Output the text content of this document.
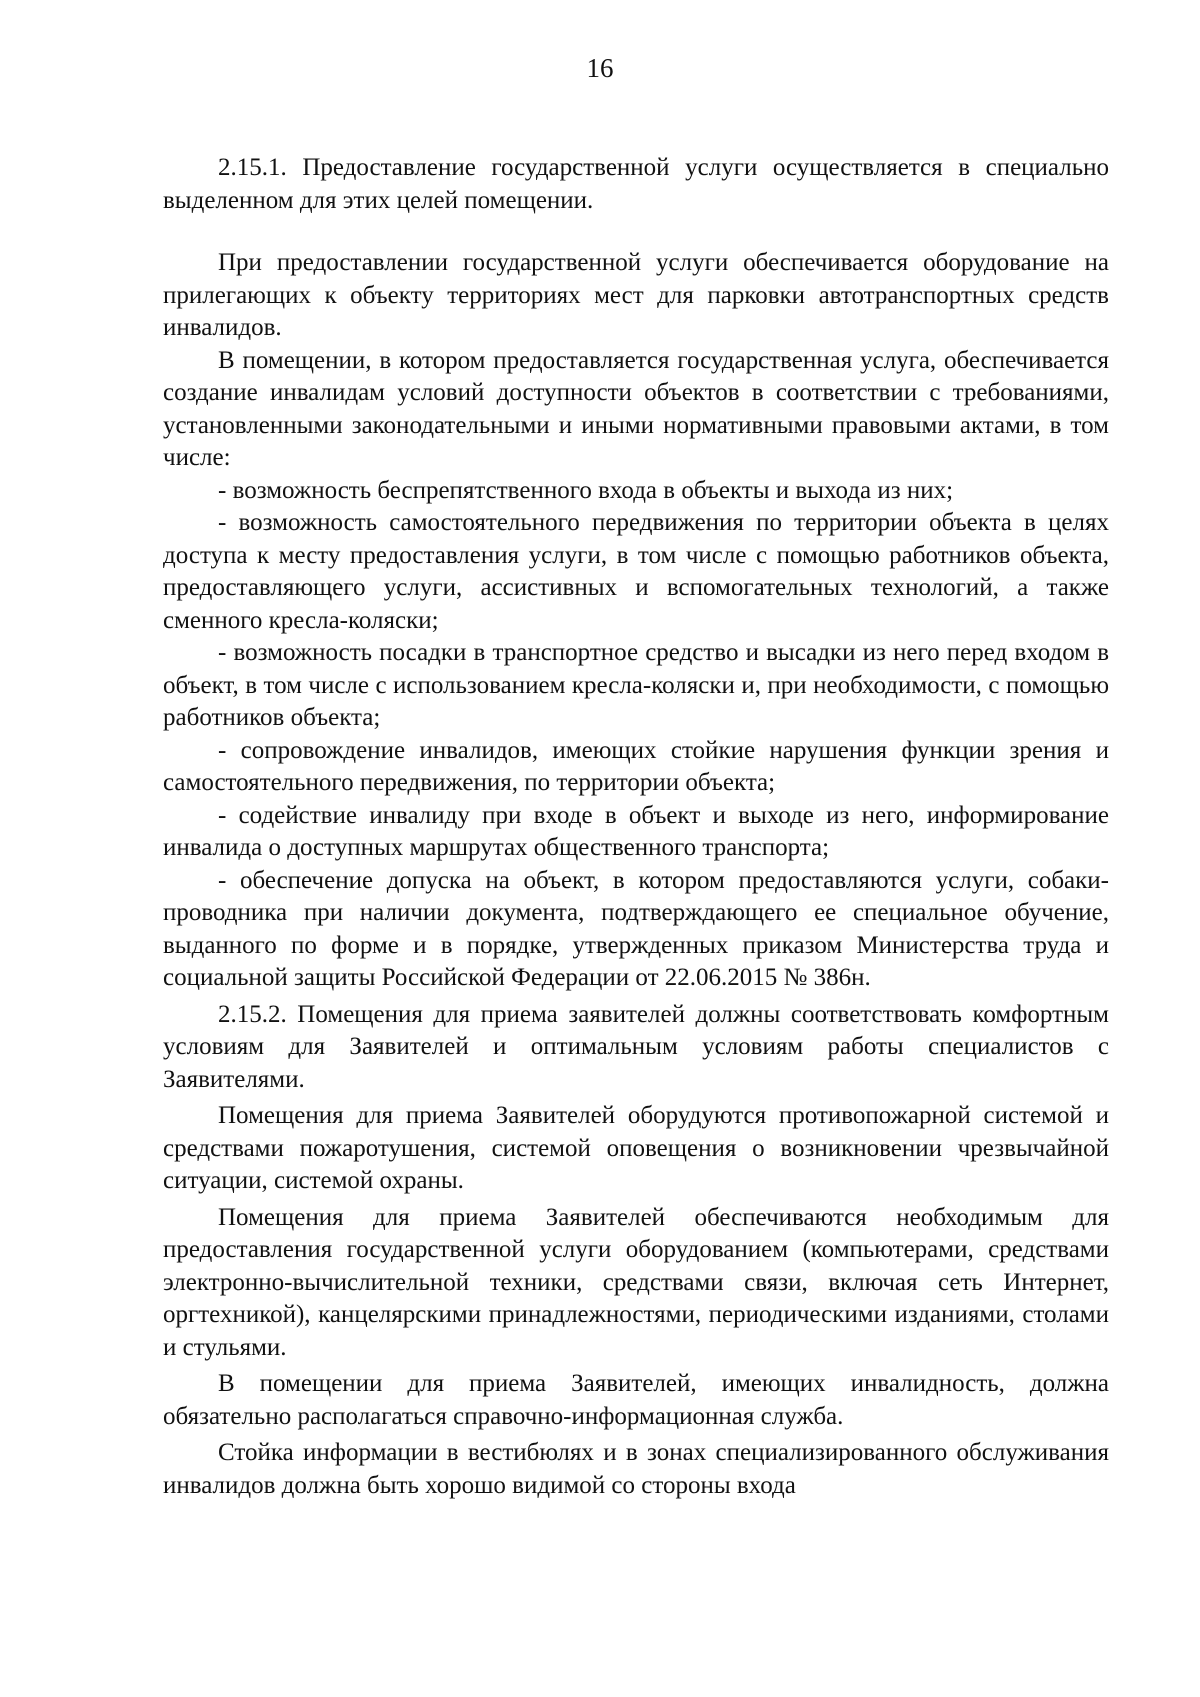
16

2.15.1. Предоставление государственной услуги осуществляется в специально выделенном для этих целей помещении.

При предоставлении государственной услуги обеспечивается оборудование на прилегающих к объекту территориях мест для парковки автотранспортных средств инвалидов.

В помещении, в котором предоставляется государственная услуга, обеспечивается создание инвалидам условий доступности объектов в соответствии с требованиями, установленными законодательными и иными нормативными правовыми актами, в том числе:

- возможность беспрепятственного входа в объекты и выхода из них;

- возможность самостоятельного передвижения по территории объекта в целях доступа к месту предоставления услуги, в том числе с помощью работников объекта, предоставляющего услуги, ассистивных и вспомогательных технологий, а также сменного кресла-коляски;

- возможность посадки в транспортное средство и высадки из него перед входом в объект, в том числе с использованием кресла-коляски и, при необходимости, с помощью работников объекта;

- сопровождение инвалидов, имеющих стойкие нарушения функции зрения и самостоятельного передвижения, по территории объекта;

- содействие инвалиду при входе в объект и выходе из него, информирование инвалида о доступных маршрутах общественного транспорта;

- обеспечение допуска на объект, в котором предоставляются услуги, собаки-проводника при наличии документа, подтверждающего ее специальное обучение, выданного по форме и в порядке, утвержденных приказом Министерства труда и социальной защиты Российской Федерации от 22.06.2015 № 386н.

2.15.2. Помещения для приема заявителей должны соответствовать комфортным условиям для Заявителей и оптимальным условиям работы специалистов с Заявителями.

Помещения для приема Заявителей оборудуются противопожарной системой и средствами пожаротушения, системой оповещения о возникновении чрезвычайной ситуации, системой охраны.

Помещения для приема Заявителей обеспечиваются необходимым для предоставления государственной услуги оборудованием (компьютерами, средствами электронно-вычислительной техники, средствами связи, включая сеть Интернет, оргтехникой), канцелярскими принадлежностями, периодическими изданиями, столами и стульями.

В помещении для приема Заявителей, имеющих инвалидность, должна обязательно располагаться справочно-информационная служба.

Стойка информации в вестибюлях и в зонах специализированного обслуживания инвалидов должна быть хорошо видимой со стороны входа
